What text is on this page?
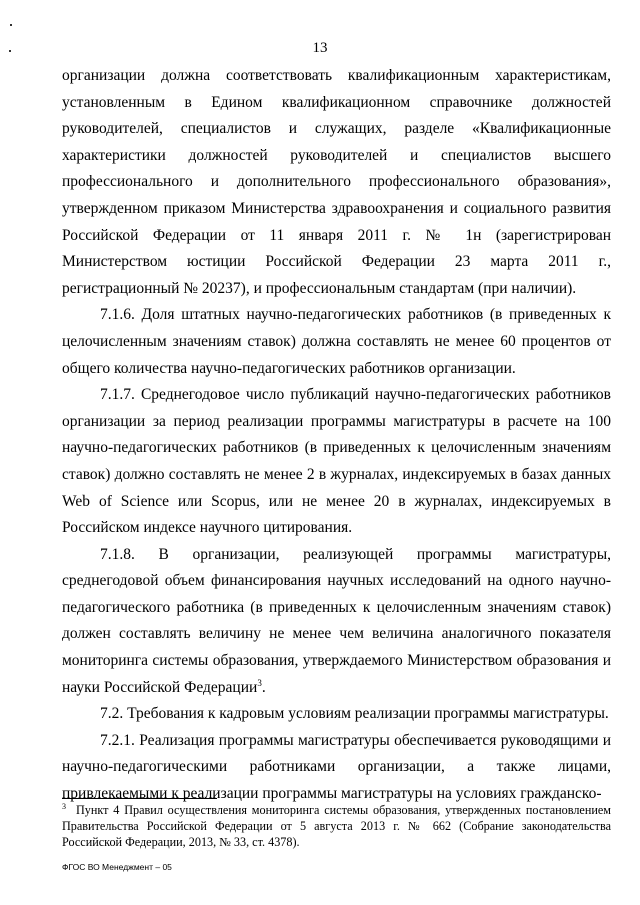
13

организации должна соответствовать квалификационным характеристикам, установленным в Едином квалификационном справочнике должностей руководителей, специалистов и служащих, разделе «Квалификационные характеристики должностей руководителей и специалистов высшего профессионального и дополнительного профессионального образования», утвержденном приказом Министерства здравоохранения и социального развития Российской Федерации от 11 января 2011 г. № 1н (зарегистрирован Министерством юстиции Российской Федерации 23 марта 2011 г., регистрационный № 20237), и профессиональным стандартам (при наличии).

7.1.6. Доля штатных научно-педагогических работников (в приведенных к целочисленным значениям ставок) должна составлять не менее 60 процентов от общего количества научно-педагогических работников организации.

7.1.7. Среднегодовое число публикаций научно-педагогических работников организации за период реализации программы магистратуры в расчете на 100 научно-педагогических работников (в приведенных к целочисленным значениям ставок) должно составлять не менее 2 в журналах, индексируемых в базах данных Web of Science или Scopus, или не менее 20 в журналах, индексируемых в Российском индексе научного цитирования.

7.1.8. В организации, реализующей программы магистратуры, среднегодовой объем финансирования научных исследований на одного научно-педагогического работника (в приведенных к целочисленным значениям ставок) должен составлять величину не менее чем величина аналогичного показателя мониторинга системы образования, утверждаемого Министерством образования и науки Российской Федерации$^3$.

7.2. Требования к кадровым условиям реализации программы магистратуры.

7.2.1. Реализация программы магистратуры обеспечивается руководящими и научно-педагогическими работниками организации, а также лицами, привлекаемыми к реализации программы магистратуры на условиях гражданско-

$^3$ Пункт 4 Правил осуществления мониторинга системы образования, утвержденных постановлением Правительства Российской Федерации от 5 августа 2013 г. № 662 (Собрание законодательства Российской Федерации, 2013, № 33, ст. 4378).
ФГОС ВО Менеджмент – 05
